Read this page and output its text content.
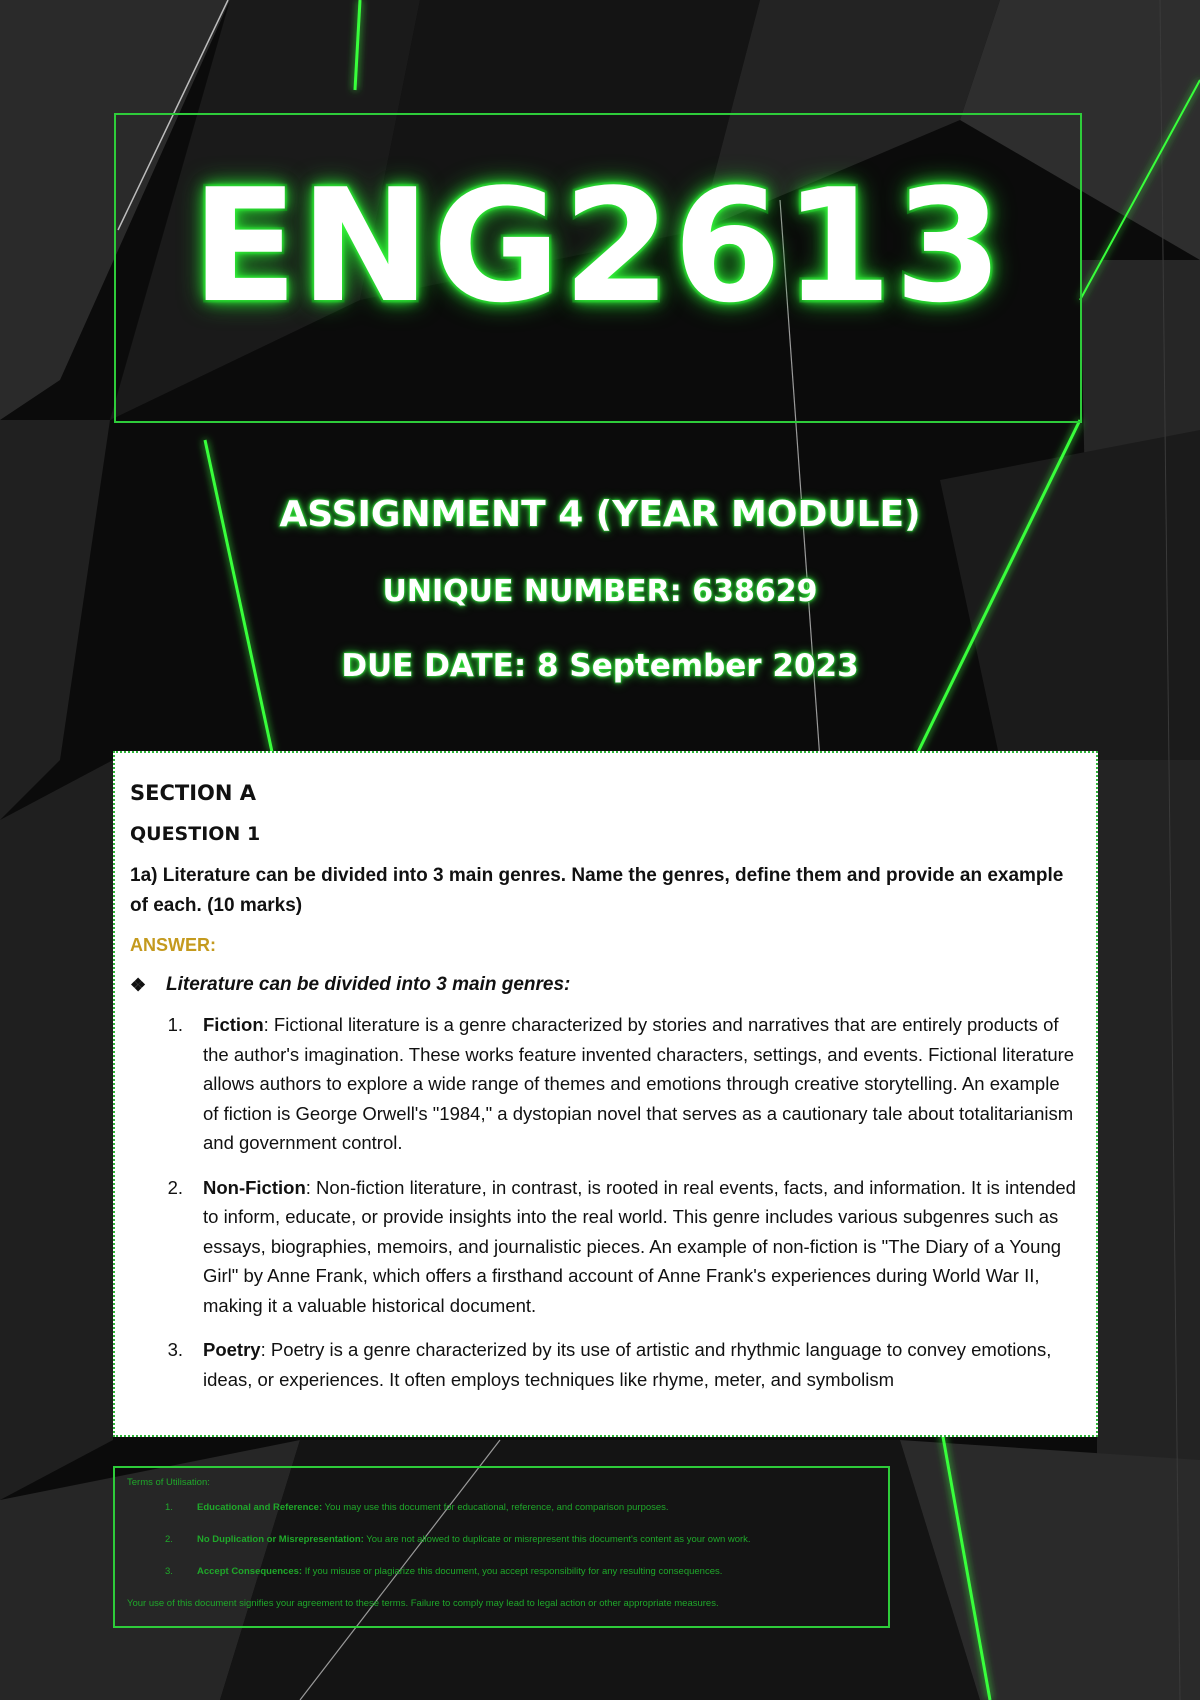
ENG2613
ASSIGNMENT 4 (YEAR MODULE)
UNIQUE NUMBER: 638629
DUE DATE: 8 September 2023
SECTION A
QUESTION 1
1a) Literature can be divided into 3 main genres. Name the genres, define them and provide an example of each. (10 marks)
ANSWER:
❖	Literature can be divided into 3 main genres:
1.	Fiction: Fictional literature is a genre characterized by stories and narratives that are entirely products of the author's imagination. These works feature invented characters, settings, and events. Fictional literature allows authors to explore a wide range of themes and emotions through creative storytelling. An example of fiction is George Orwell's "1984," a dystopian novel that serves as a cautionary tale about totalitarianism and government control.
2.	Non-Fiction: Non-fiction literature, in contrast, is rooted in real events, facts, and information. It is intended to inform, educate, or provide insights into the real world. This genre includes various subgenres such as essays, biographies, memoirs, and journalistic pieces. An example of non-fiction is "The Diary of a Young Girl" by Anne Frank, which offers a firsthand account of Anne Frank's experiences during World War II, making it a valuable historical document.
3.	Poetry: Poetry is a genre characterized by its use of artistic and rhythmic language to convey emotions, ideas, or experiences. It often employs techniques like rhyme, meter, and symbolism
Terms of Utilisation:
1.	Educational and Reference: You may use this document for educational, reference, and comparison purposes.
2.	No Duplication or Misrepresentation: You are not allowed to duplicate or misrepresent this document's content as your own work.
3.	Accept Consequences: If you misuse or plagiarize this document, you accept responsibility for any resulting consequences.
Your use of this document signifies your agreement to these terms. Failure to comply may lead to legal action or other appropriate measures.
